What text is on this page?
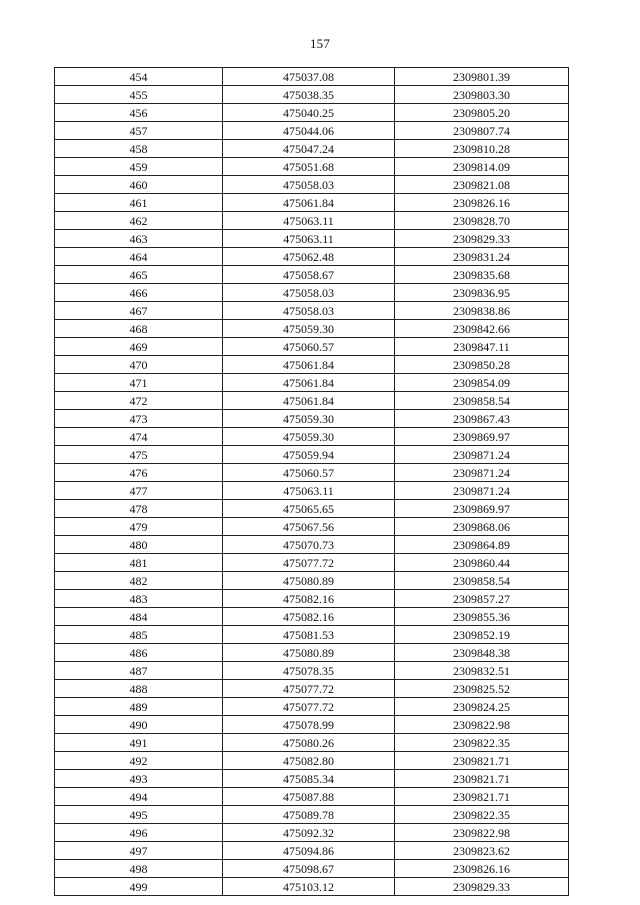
157
454	475037.08	2309801.39
455	475038.35	2309803.30
456	475040.25	2309805.20
457	475044.06	2309807.74
458	475047.24	2309810.28
459	475051.68	2309814.09
460	475058.03	2309821.08
461	475061.84	2309826.16
462	475063.11	2309828.70
463	475063.11	2309829.33
464	475062.48	2309831.24
465	475058.67	2309835.68
466	475058.03	2309836.95
467	475058.03	2309838.86
468	475059.30	2309842.66
469	475060.57	2309847.11
470	475061.84	2309850.28
471	475061.84	2309854.09
472	475061.84	2309858.54
473	475059.30	2309867.43
474	475059.30	2309869.97
475	475059.94	2309871.24
476	475060.57	2309871.24
477	475063.11	2309871.24
478	475065.65	2309869.97
479	475067.56	2309868.06
480	475070.73	2309864.89
481	475077.72	2309860.44
482	475080.89	2309858.54
483	475082.16	2309857.27
484	475082.16	2309855.36
485	475081.53	2309852.19
486	475080.89	2309848.38
487	475078.35	2309832.51
488	475077.72	2309825.52
489	475077.72	2309824.25
490	475078.99	2309822.98
491	475080.26	2309822.35
492	475082.80	2309821.71
493	475085.34	2309821.71
494	475087.88	2309821.71
495	475089.78	2309822.35
496	475092.32	2309822.98
497	475094.86	2309823.62
498	475098.67	2309826.16
499	475103.12	2309829.33
